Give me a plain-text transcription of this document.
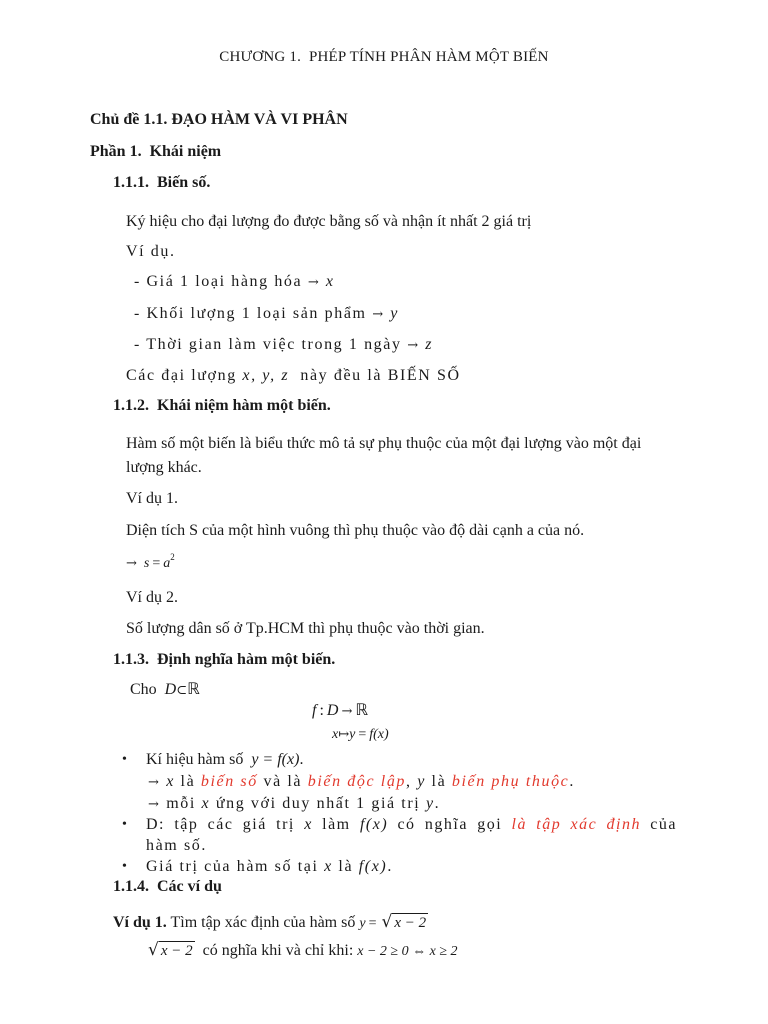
CHƯƠNG 1.  PHÉP TÍNH PHÂN HÀM MỘT BIẾN
Chủ đề 1.1. ĐẠO HÀM VÀ VI PHÂN
Phần 1.  Khái niệm
1.1.1.  Biến số.
Ký hiệu cho đại lượng đo được bằng số và nhận ít nhất 2 giá trị
Ví dụ.
- Giá 1 loại hàng hóa → x
- Khối lượng 1 loại sản phẩm → y
- Thời gian làm việc trong 1 ngày → z
Các đại lượng x, y, z  này đều là BIẾN SỐ
1.1.2.  Khái niệm hàm một biến.
Hàm số một biến là biểu thức mô tả sự phụ thuộc của một đại lượng vào một đại
lượng khác.
Ví dụ 1.
Diện tích S của một hình vuông thì phụ thuộc vào độ dài cạnh a của nó.
→ $s = a^2$
Ví dụ 2.
Số lượng dân số ở Tp.HCM thì phụ thuộc vào thời gian.
1.1.3.  Định nghĩa hàm một biến.
Cho D⊂ℝ
f : D → ℝ
x↦y = f(x)
• Kí hiệu hàm số  y = f(x).
→ x là biến số và là biến độc lập, y là biến phụ thuộc.
→ mỗi x ứng với duy nhất 1 giá trị y.
• D: tập các giá trị x làm f(x) có nghĩa gọi là tập xác định của
hàm số.
• Giá trị của hàm số tại x là f(x).
1.1.4.  Các ví dụ
Ví dụ 1. Tìm tập xác định của hàm số y = √ x − 2
√ x − 2  có nghĩa khi và chỉ khi: x − 2 ≥ 0 ⇔ x ≥ 2
